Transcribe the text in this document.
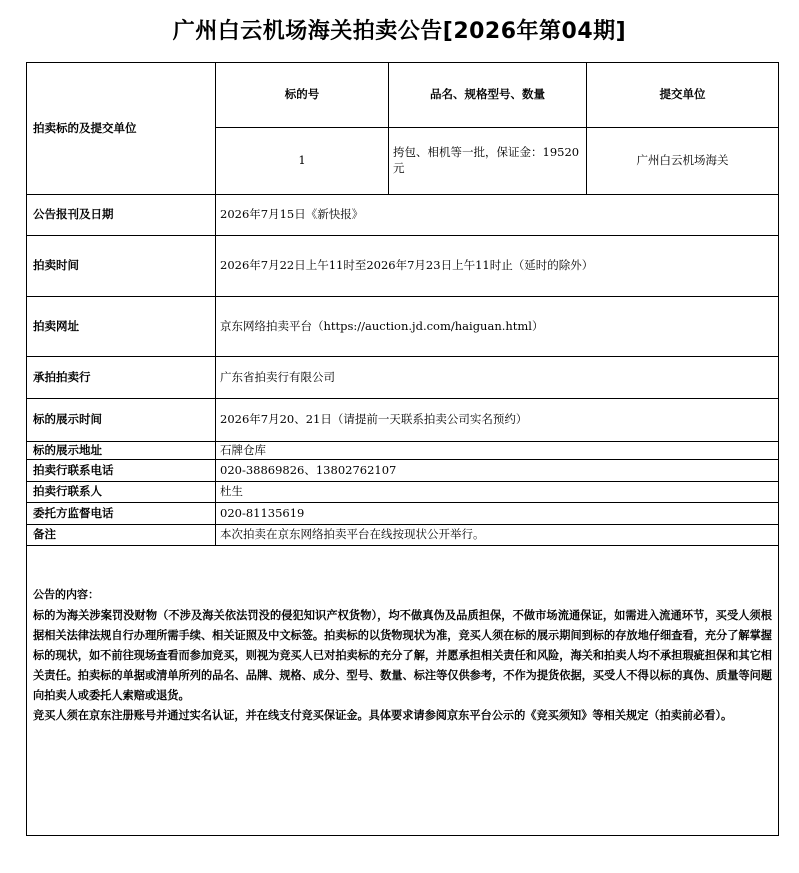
广州白云机场海关拍卖公告[2026年第04期]
拍卖标的及提交单位	标的号	品名、规格型号、数量	提交单位
	1	挎包、相机等一批，保证金：19520元	广州白云机场海关
公告报刊及日期	2026年7月15日《新快报》		
拍卖时间	2026年7月22日上午11时至2026年7月23日上午11时止（延时的除外）		
拍卖网址	京东网络拍卖平台（https://auction.jd.com/haiguan.html）		
承拍拍卖行	广东省拍卖行有限公司		
标的展示时间	2026年7月20、21日（请提前一天联系拍卖公司实名预约）		
标的展示地址	石牌仓库		
拍卖行联系电话	020-38869826、13802762107		
拍卖行联系人	杜生		
委托方监督电话	020-81135619		
备注	本次拍卖在京东网络拍卖平台在线按现状公开举行。		

公告的内容：

标的为海关涉案罚没财物（不涉及海关依法罚没的侵犯知识产权货物），均不做真伪及品质担保，不做市场流通保证，如需进入流通环节，买受人须根据相关法律法规自行办理所需手续、相关证照及中文标签。拍卖标的以货物现状为准，竞买人须在标的展示期间到标的存放地仔细查看，充分了解掌握标的现状，如不前往现场查看而参加竞买，则视为竞买人已对拍卖标的充分了解，并愿承担相关责任和风险，海关和拍卖人均不承担瑕疵担保和其它相关责任。拍卖标的单据或清单所列的品名、品牌、规格、成分、型号、数量、标注等仅供参考，不作为提货依据，买受人不得以标的真伪、质量等问题向拍卖人或委托人索赔或退货。

竞买人须在京东注册账号并通过实名认证，并在线支付竞买保证金。具体要求请参阅京东平台公示的《竞买须知》等相关规定（拍卖前必看）。			
